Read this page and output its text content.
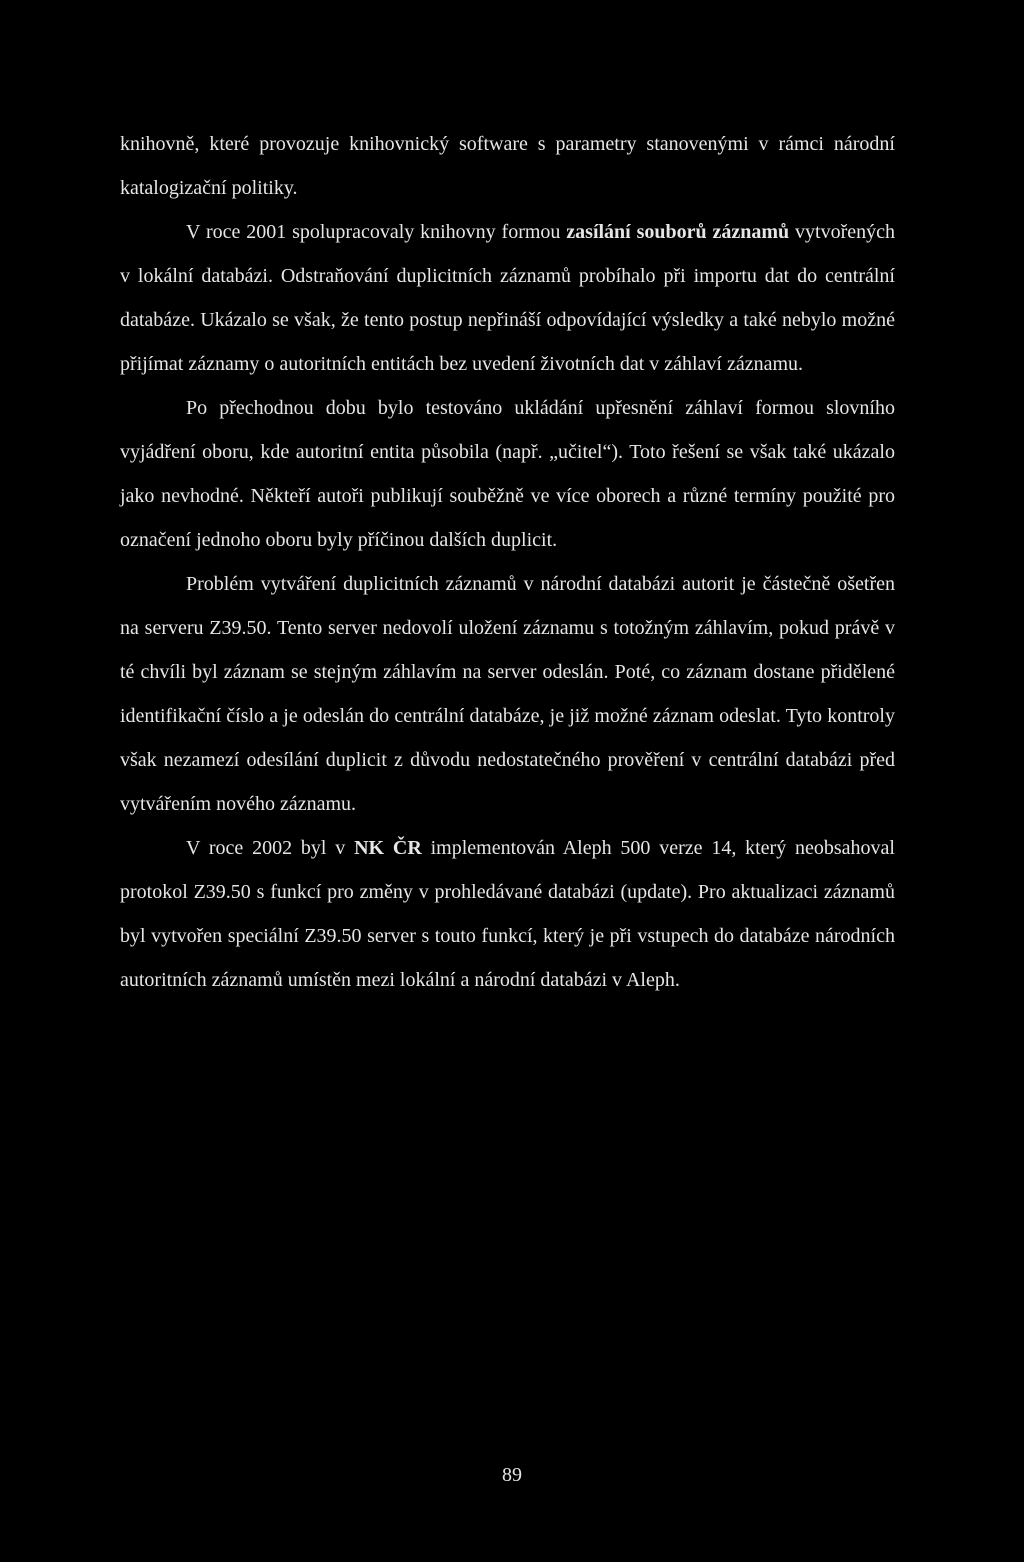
knihovně, které provozuje knihovnický software s parametry stanovenými v rámci národní katalogizační politiky.

V roce 2001 spolupracovaly knihovny formou zasílání souborů záznamů vytvořených v lokální databázi. Odstraňování duplicitních záznamů probíhalo při importu dat do centrální databáze. Ukázalo se však, že tento postup nepřináší odpovídající výsledky a také nebylo možné přijímat záznamy o autoritních entitách bez uvedení životních dat v záhlaví záznamu.

Po přechodnou dobu bylo testováno ukládání upřesnění záhlaví formou slovního vyjádření oboru, kde autoritní entita působila (např. „učitel“). Toto řešení se však také ukázalo jako nevhodné. Někteří autoři publikují souběžně ve více oborech a různé termíny použité pro označení jednoho oboru byly příčinou dalších duplicit.

Problém vytváření duplicitních záznamů v národní databázi autorit je částečně ošetřen na serveru Z39.50. Tento server nedovolí uložení záznamu s totožným záhlavím, pokud právě v té chvíli byl záznam se stejným záhlavím na server odeslán. Poté, co záznam dostane přidělené identifikační číslo a je odeslán do centrální databáze, je již možné záznam odeslat. Tyto kontroly však nezamezí odesílání duplicit z důvodu nedostatečného prověření v centrální databázi před vytvářením nového záznamu.

V roce 2002 byl v NK ČR implementován Aleph 500 verze 14, který neobsahoval protokol Z39.50 s funkcí pro změny v prohledávané databázi (update). Pro aktualizaci záznamů byl vytvořen speciální Z39.50 server s touto funkcí, který je při vstupech do databáze národních autoritních záznamů umístěn mezi lokální a národní databázi v Aleph.

89
